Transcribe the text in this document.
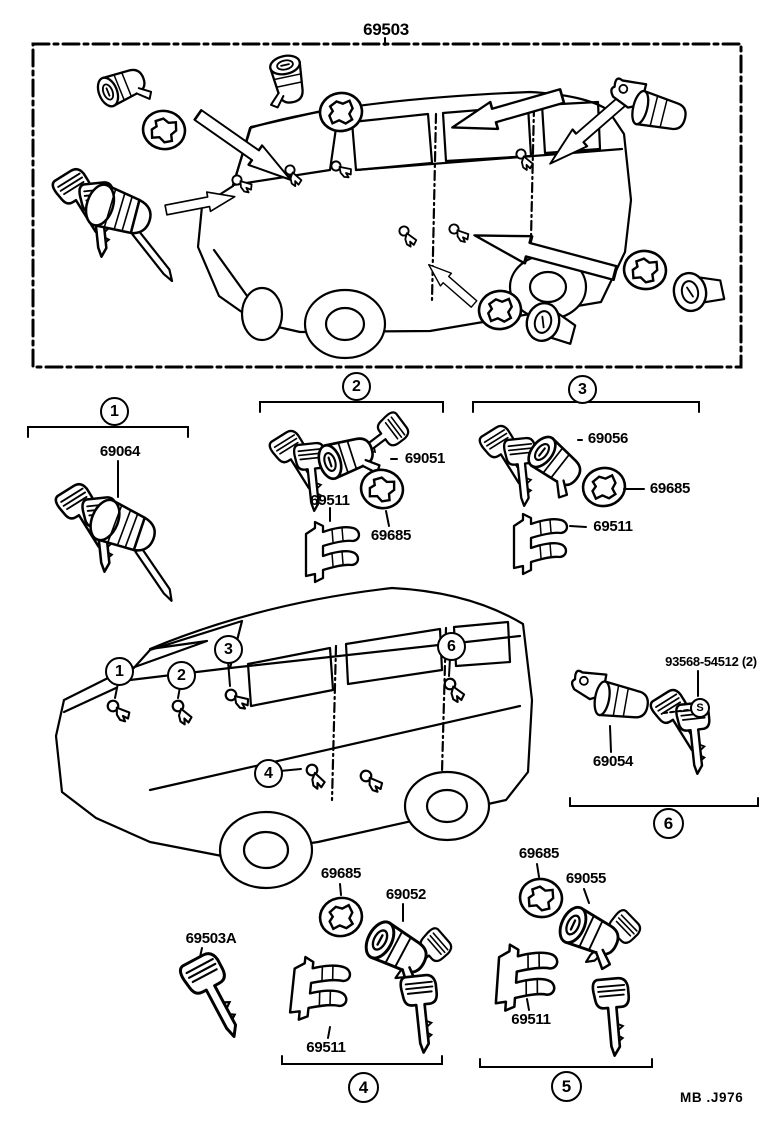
69503
1
2	3
69064	69051
69511
69685
69056
69685
69511
1	2
3	6
4
93568-54512 (2)
S
69054
6
69503A
69685
69052
69511
4
69685
69055
69511
5
MB .J976
